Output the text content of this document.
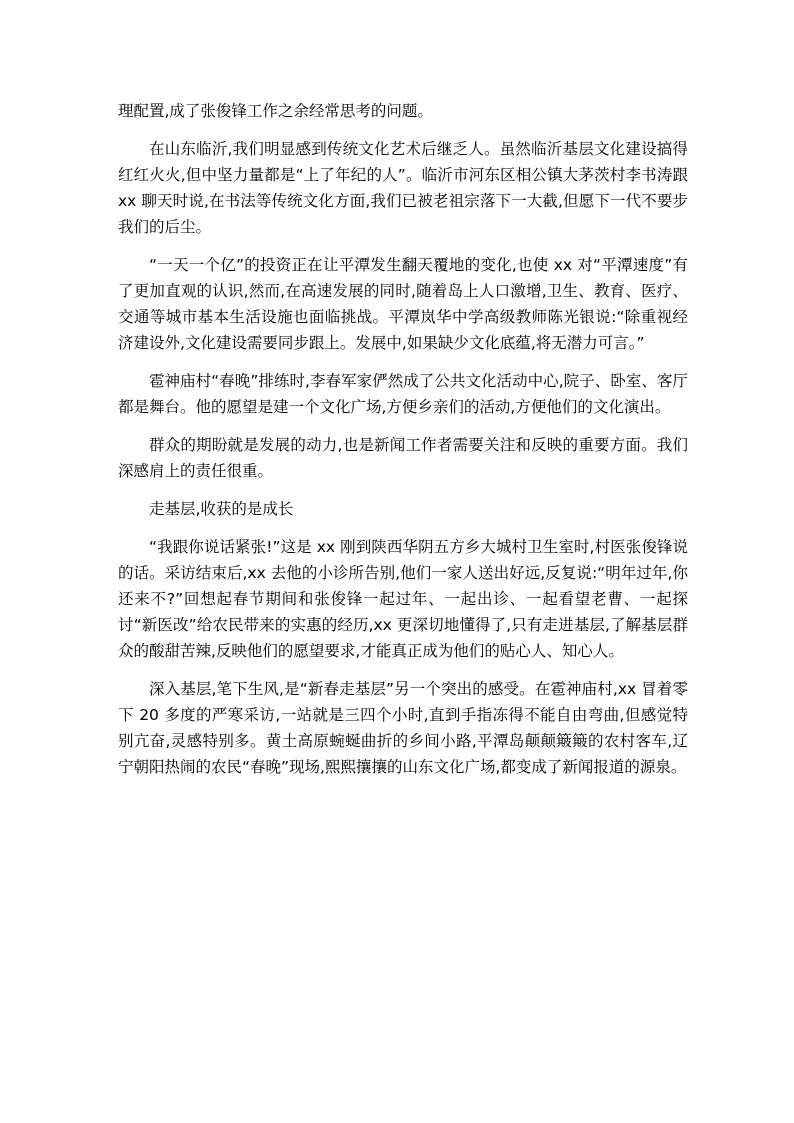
理配置,成了张俊锋工作之余经常思考的问题。

在山东临沂,我们明显感到传统文化艺术后继乏人。虽然临沂基层文化建设搞得红红火火,但中坚力量都是“上了年纪的人”。临沂市河东区相公镇大茅茨村李书涛跟 xx 聊天时说,在书法等传统文化方面,我们已被老祖宗落下一大截,但愿下一代不要步我们的后尘。

“一天一个亿”的投资正在让平潭发生翻天覆地的变化,也使 xx 对“平潭速度”有了更加直观的认识,然而,在高速发展的同时,随着岛上人口激增,卫生、教育、医疗、交通等城市基本生活设施也面临挑战。平潭岚华中学高级教师陈光银说:“除重视经济建设外,文化建设需要同步跟上。发展中,如果缺少文化底蕴,将无潜力可言。”

雹神庙村“春晚”排练时,李春军家俨然成了公共文化活动中心,院子、卧室、客厅都是舞台。他的愿望是建一个文化广场,方便乡亲们的活动,方便他们的文化演出。

群众的期盼就是发展的动力,也是新闻工作者需要关注和反映的重要方面。我们深感肩上的责任很重。

走基层,收获的是成长

“我跟你说话紧张!”这是 xx 刚到陕西华阴五方乡大城村卫生室时,村医张俊锋说的话。采访结束后,xx 去他的小诊所告别,他们一家人送出好远,反复说:“明年过年,你还来不?”回想起春节期间和张俊锋一起过年、一起出诊、一起看望老曹、一起探讨“新医改”给农民带来的实惠的经历,xx 更深切地懂得了,只有走进基层,了解基层群众的酸甜苦辣,反映他们的愿望要求,才能真正成为他们的贴心人、知心人。

深入基层,笔下生风,是“新春走基层”另一个突出的感受。在雹神庙村,xx 冒着零下 20 多度的严寒采访,一站就是三四个小时,直到手指冻得不能自由弯曲,但感觉特别亢奋,灵感特别多。黄土高原蜿蜒曲折的乡间小路,平潭岛颠颠簸簸的农村客车,辽宁朝阳热闹的农民“春晚”现场,熙熙攘攘的山东文化广场,都变成了新闻报道的源泉。
